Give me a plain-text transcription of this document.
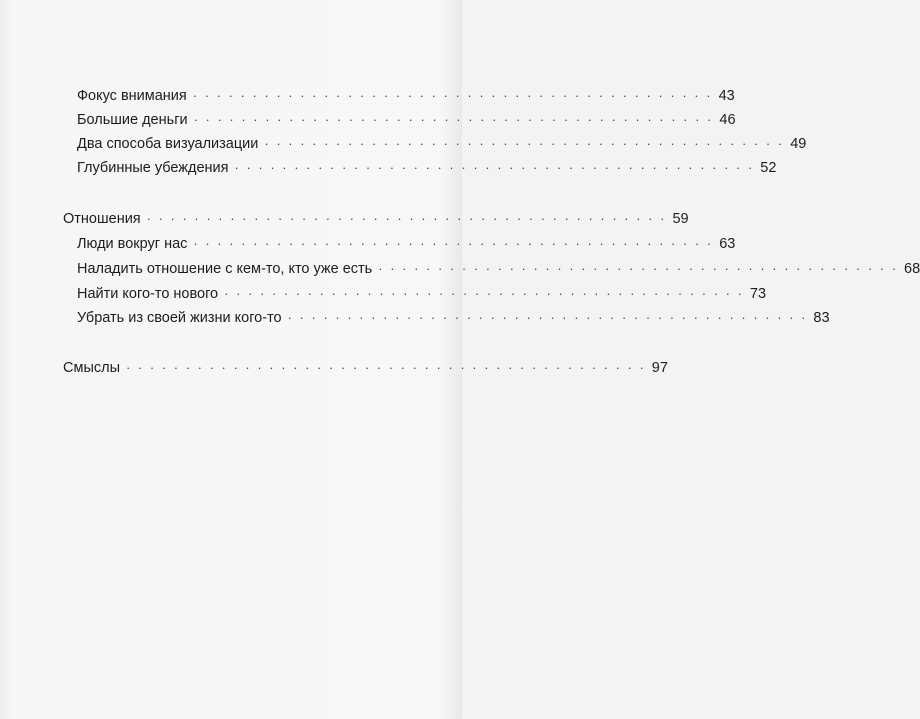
· · · · · · ·
· · · · · · · · · · · · · · · · · · · · · · · · · · · · · · · ·
· · · · · · · · · · · · · · · · · · · · · · · · · · · · · · · ·
· · · · · · · · · · · · · · · · · · · · · · · · · · · · · · · ·
· · · · · · · · · · · · · · · · · · · · · · · · · · · · · ·
· · · · · · · · · · · · · · · · · · · · · · · · · · · · · ·
· · · · · · · · · · · · · · · · · · · · · · · · · · · · · ·
· · · · · · · · · · · · · · · · · · · · · · · · · · · · · ·
· · · · · · · · · · · · · · · · · · · · · · · · · · · · · · · ·
Фокус внимания · · · · · · · · · · · · · · · · · · · · · · · · · · · · · · · · · · · · · · · · · · · · 43
Большие деньги · · · · · · · · · · · · · · · · · · · · · · · · · · · · · · · · · · · · · · · · · · · · 46
Два способа визуализации · · · · · · · · · · · · · · · · · · · · · · · · · · · · · · · · · · · · · · · · · · · · 49
Глубинные убеждения · · · · · · · · · · · · · · · · · · · · · · · · · · · · · · · · · · · · · · · · · · · · 52
Отношения · · · · · · · · · · · · · · · · · · · · · · · · · · · · · · · · · · · · · · · · · · · · 59
Люди вокруг нас · · · · · · · · · · · · · · · · · · · · · · · · · · · · · · · · · · · · · · · · · · · · 63
Наладить отношение с кем-то, кто уже есть · · · · · · · · · · · · · · · · · · · · · · · · · · · · · · · · · · · · · · · · · · · · 68
Найти кого-то нового · · · · · · · · · · · · · · · · · · · · · · · · · · · · · · · · · · · · · · · · · · · · 73
Убрать из своей жизни кого-то · · · · · · · · · · · · · · · · · · · · · · · · · · · · · · · · · · · · · · · · · · · · 83
Смыслы · · · · · · · · · · · · · · · · · · · · · · · · · · · · · · · · · · · · · · · · · · · · 97
